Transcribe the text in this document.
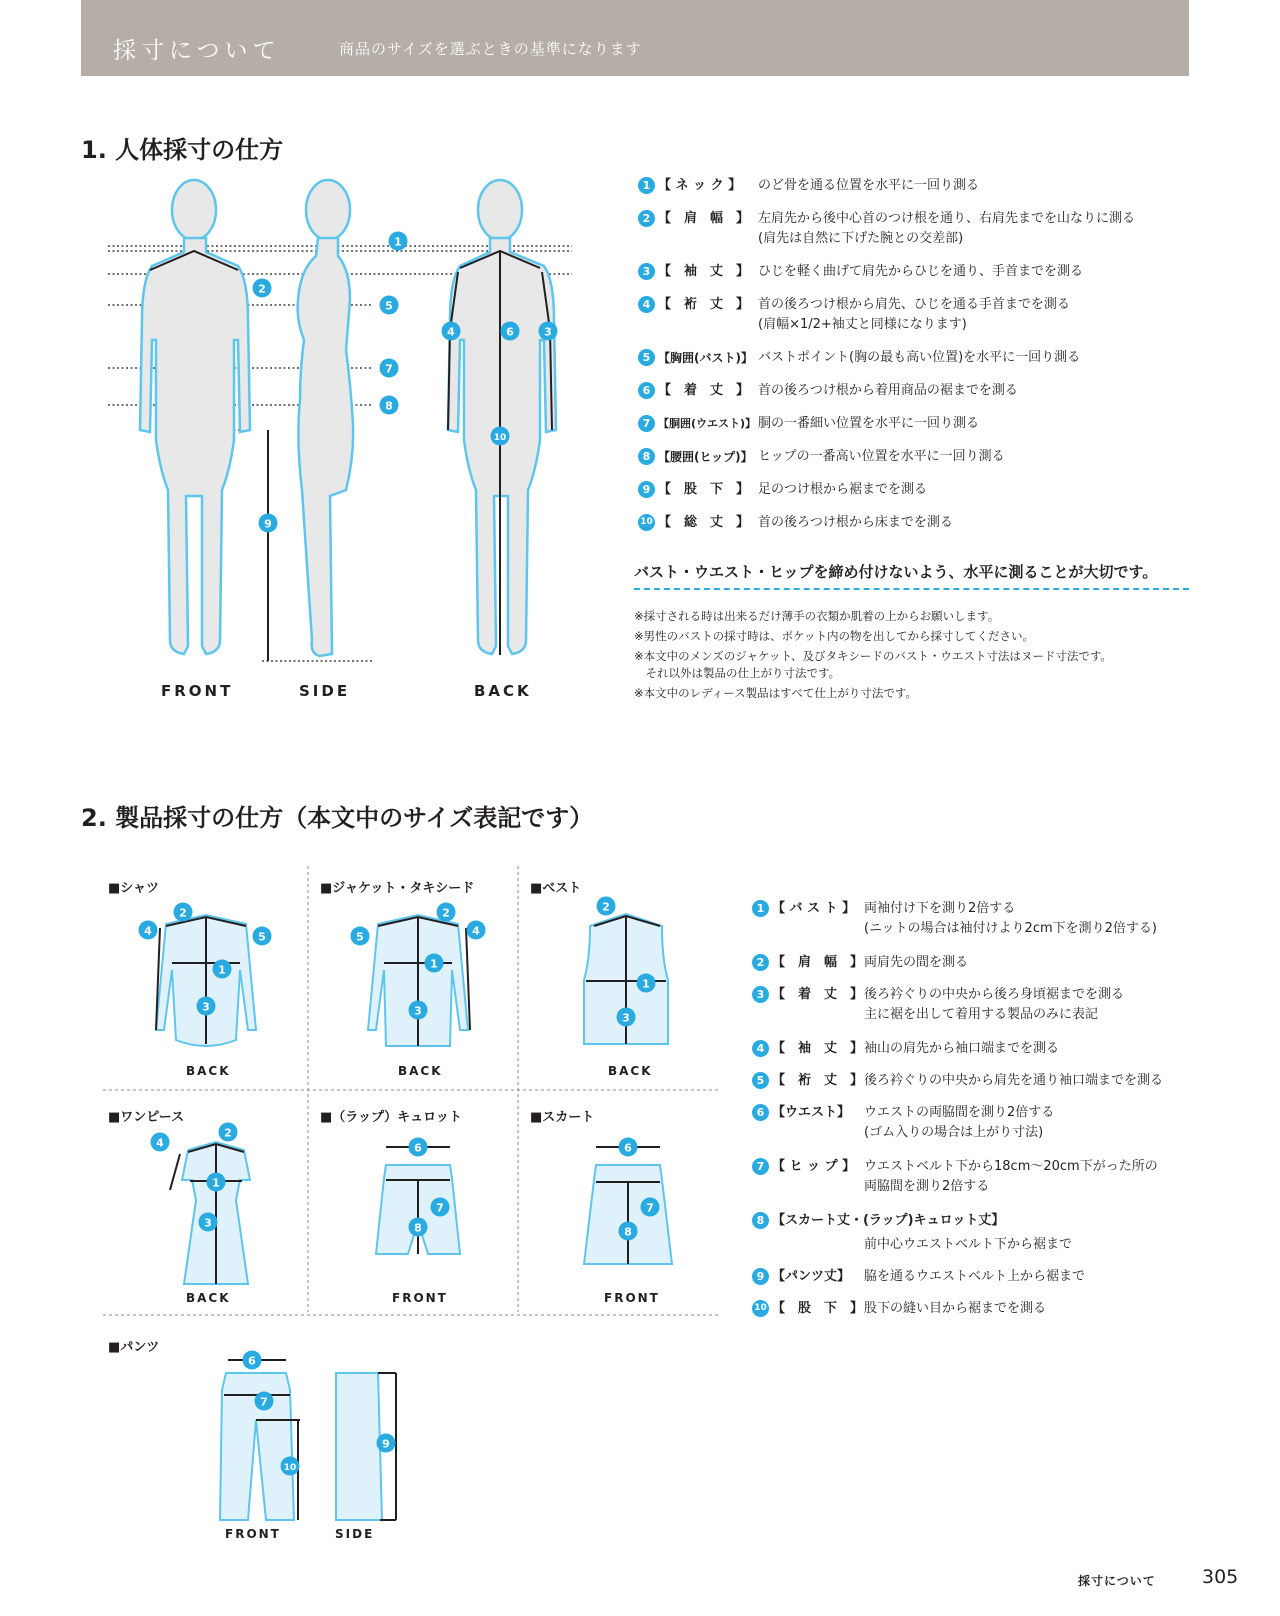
採寸について	商品のサイズを選ぶときの基準になります
1. 人体採寸の仕方
1
2
5
7
8
9
4	6	3
10
FRONT	SIDE	BACK
1 【 ネ ッ ク 】 のど骨を通る位置を水平に一回り測る
2 【　肩　幅　】 左肩先から後中心首のつけ根を通り、右肩先までを山なりに測る
(肩先は自然に下げた腕との交差部)
3 【　袖　丈　】 ひじを軽く曲げて肩先からひじを通り、手首までを測る
4 【　裄　丈　】 首の後ろつけ根から肩先、ひじを通る手首までを測る
(肩幅×1/2+袖丈と同様になります)
5 【胸囲(バスト)】 バストポイント(胸の最も高い位置)を水平に一回り測る
6 【　着　丈　】 首の後ろつけ根から着用商品の裾までを測る
7 【胴囲(ウエスト)】 胴の一番細い位置を水平に一回り測る
8 【腰囲(ヒップ)】 ヒップの一番高い位置を水平に一回り測る
9 【　股　下　】 足のつけ根から裾までを測る
10 【　総　丈　】 首の後ろつけ根から床までを測る
バスト・ウエスト・ヒップを締め付けないよう、水平に測ることが大切です。
※採寸される時は出来るだけ薄手の衣類か肌着の上からお願いします。
※男性のバストの採寸時は、ポケット内の物を出してから採寸してください。
※本文中のメンズのジャケット、及びタキシードのバスト・ウエスト寸法はヌード寸法です。
　それ以外は製品の仕上がり寸法です。
※本文中のレディース製品はすべて仕上がり寸法です。
2. 製品採寸の仕方（本文中のサイズ表記です）
2
4	5
1
3
2
5	4
1
3
2
1
3
2
4
1
3
6
7
8
6
7
8
6
7
10
9
■シャツ	■ジャケット・タキシード	■ベスト
■ワンピース	■（ラップ）キュロット	■スカート
■パンツ
BACK	BACK	BACK
BACK	FRONT	FRONT
FRONT	SIDE
1 【 バ ス ト 】 両袖付け下を測り2倍する
(ニットの場合は袖付けより2cm下を測り2倍する)
2 【　肩　幅　】 両肩先の間を測る
3 【　着　丈　】 後ろ衿ぐりの中央から後ろ身頃裾までを測る
主に裾を出して着用する製品のみに表記
4 【　袖　丈　】 袖山の肩先から袖口端までを測る
5 【　裄　丈　】 後ろ衿ぐりの中央から肩先を通り袖口端までを測る
6 【ウエスト】 ウエストの両脇間を測り2倍する
(ゴム入りの場合は上がり寸法)
7 【 ヒ ッ プ 】 ウエストベルト下から18cm～20cm下がった所の
両脇間を測り2倍する
8 【スカート丈・(ラップ)キュロット丈】
前中心ウエストベルト下から裾まで
9 【パンツ丈】 脇を通るウエストベルト上から裾まで
10 【　股　下　】 股下の縫い目から裾までを測る
採寸について 305
